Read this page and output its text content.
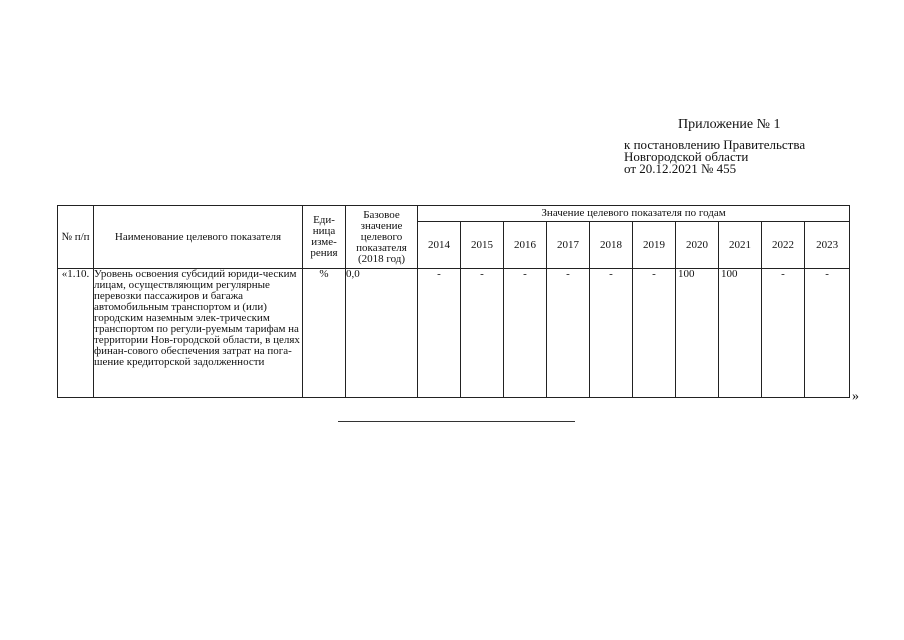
Приложение № 1
к постановлению Правительства
Новгородской области
от 20.12.2021 № 455
№ п/п	Наименование целевого показателя	Еди-ница изме-рения	Базовое значение целевого показателя (2018 год)	Значение целевого показателя по годам									
				2014	2015	2016	2017	2018	2019	2020	2021	2022	2023
«1.10.	Уровень освоения субсидий юриди-ческим лицам, осуществляющим регулярные перевозки пассажиров и багажа автомобильным транспортом и (или) городским наземным элек-трическим транспортом по регули-руемым тарифам на территории Нов-городской области, в целях финан-сового обеспечения затрат на пога-шение кредиторской задолженности	%	0,0	-	-	-	-	-	-	100	100	-	-
»
